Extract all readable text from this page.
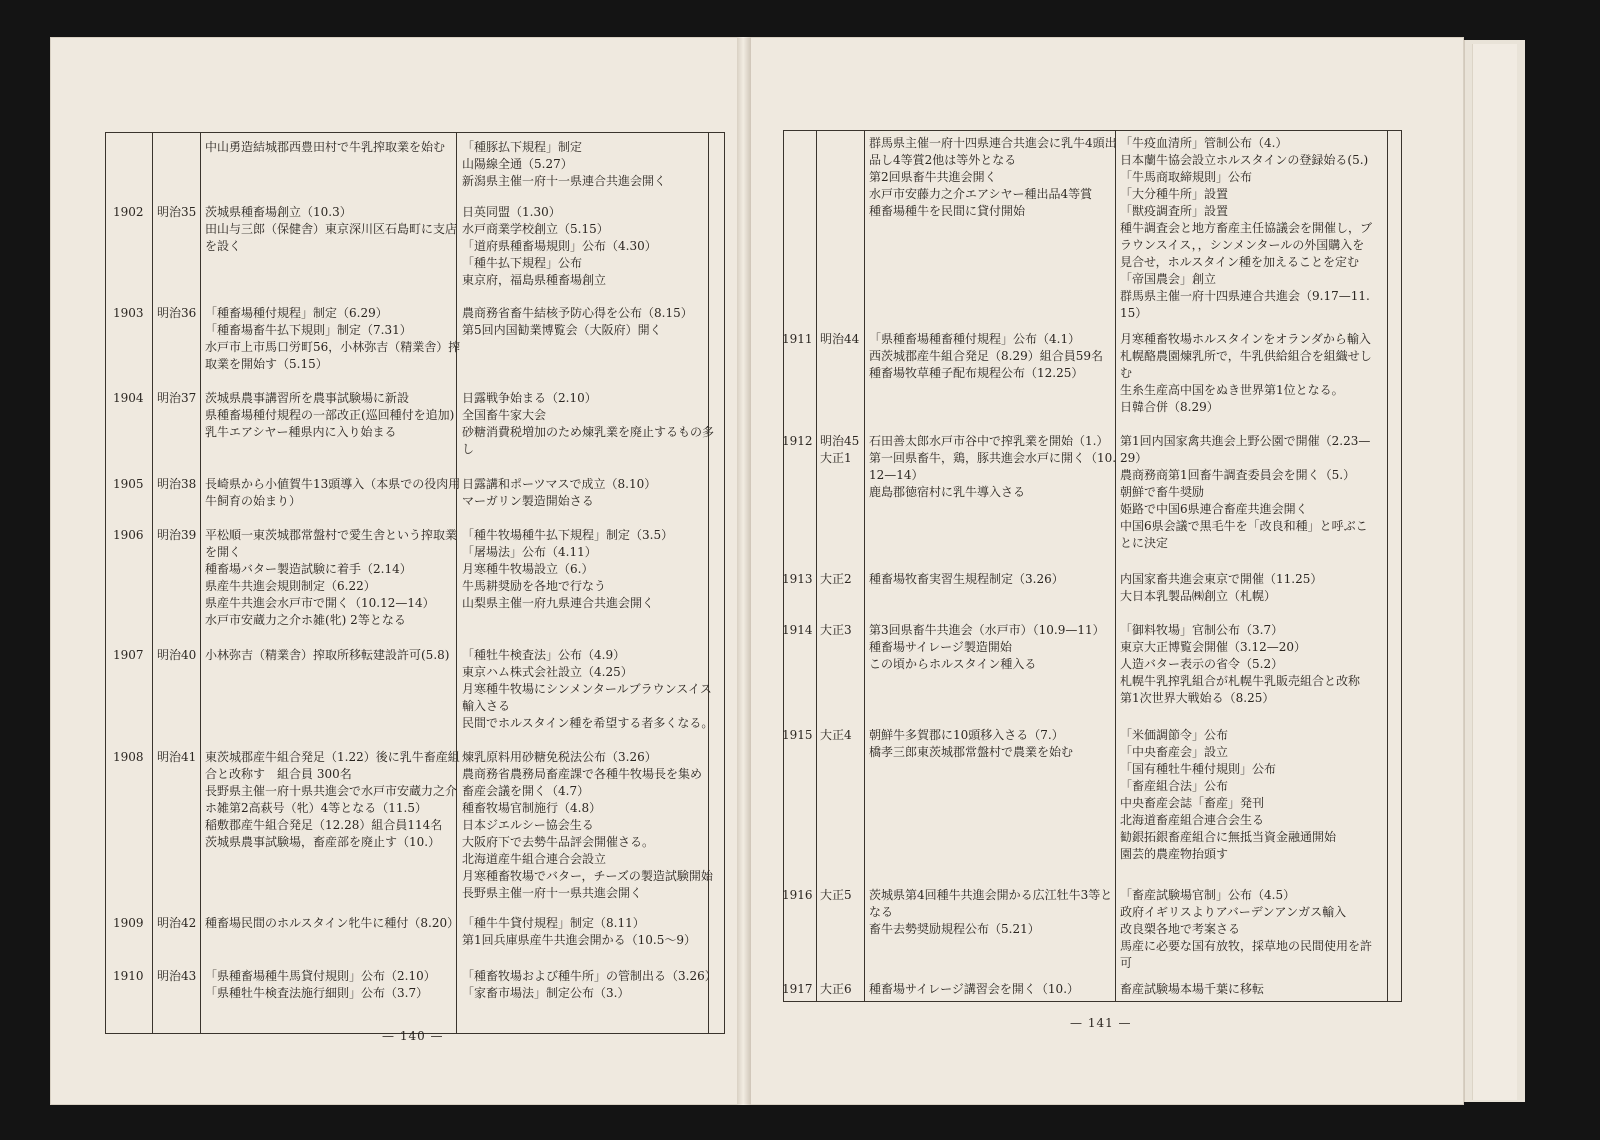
中山勇造結城郡西豊田村で牛乳搾取業を始む 「種豚払下規程」制定
山陽線全通（5.27）
新潟県主催一府十一県連合共進会開く
1902 明治35 茨城県種畜場創立（10.3）
田山与三郎（保健舎）東京深川区石島町に支店
を設く
日英同盟（1.30）
水戸商業学校創立（5.15）
「道府県種畜場規則」公布（4.30）
「種牛払下規程」公布
東京府，福島県種畜場創立
1903 明治36 「種畜場種付規程」制定（6.29）
「種畜場畜牛払下規則」制定（7.31）
水戸市上市馬口労町56，小林弥吉（精業舎）搾
取業を開始す（5.15）
農商務省畜牛結核予防心得を公布（8.15）
第5回内国勧業博覧会（大阪府）開く
1904 明治37 茨城県農事講習所を農事試験場に新設
県種畜場種付規程の一部改正(巡回種付を追加)
乳牛エアシヤー種県内に入り始まる
日露戦争始まる（2.10）
全国畜牛家大会
砂糖消費税増加のため煉乳業を廃止するもの多
し
1905 明治38 長崎県から小値賀牛13頭導入（本県での役肉用
牛飼育の始まり）
日露講和ポーツマスで成立（8.10）
マーガリン製造開始さる
1906 明治39 平松順一東茨城郡常盤村で愛生舎という搾取業
を開く
種畜場バター製造試験に着手（2.14）
県産牛共進会規則制定（6.22）
県産牛共進会水戸市で開く（10.12—14）
水戸市安蔵力之介ホ雑(牝) 2等となる
「種牛牧場種牛払下規程」制定（3.5）
「屠場法」公布（4.11）
月寒種牛牧場設立（6.）
牛馬耕奨励を各地で行なう
山梨県主催一府九県連合共進会開く
1907 明治40 小林弥吉（精業舎）搾取所移転建設許可(5.8) 「種牡牛検査法」公布（4.9）
東京ハム株式会社設立（4.25）
月寒種牛牧場にシンメンタールブラウンスイス
輸入さる
民間でホルスタイン種を希望する者多くなる。
1908 明治41 東茨城郡産牛組合発足（1.22）後に乳牛畜産組
合と改称す　組合員 300名
長野県主催一府十県共進会で水戸市安蔵力之介
ホ雑第2高萩号（牝）4等となる（11.5）
稲敷郡産牛組合発足（12.28）組合員114名
茨城県農事試験場，畜産部を廃止す（10.）
煉乳原料用砂糖免税法公布（3.26）
農商務省農務局畜産課で各種牛牧場長を集め
畜産会議を開く（4.7）
種畜牧場官制施行（4.8）
日本ジエルシー協会生る
大阪府下で去勢牛品評会開催さる。
北海道産牛組合連合会設立
月寒種畜牧場でバター，チーズの製造試験開始
長野県主催一府十一県共進会開く
1909 明治42 種畜場民間のホルスタイン牝牛に種付（8.20） 「種牛牛貸付規程」制定（8.11）
第1回兵庫県産牛共進会開かる（10.5〜9）
1910 明治43 「県種畜場種牛馬貸付規則」公布（2.10）
「県種牡牛検査法施行細則」公布（3.7）
「種畜牧場および種牛所」の管制出る（3.26）
「家畜市場法」制定公布（3.）
— 140 —
群馬県主催一府十四県連合共進会に乳牛4頭出
品し4等賞2他は等外となる
第2回県畜牛共進会開く
水戸市安藤力之介エアシヤー種出品4等賞
種畜場種牛を民間に貸付開始
「牛疫血清所」管制公布（4.）
日本蘭牛協会設立ホルスタインの登録始る(5.)
「牛馬商取締規則」公布
「大分種牛所」設置
「獣疫調査所」設置
種牛調査会と地方畜産主任協議会を開催し，ブ
ラウンスイス，，シンメンタールの外国購入を
見合せ，ホルスタイン種を加えることを定む
「帝国農会」創立
群馬県主催一府十四県連合共進会（9.17—11.
15）
1911 明治44 「県種畜場種畜種付規程」公布（4.1）
西茨城郡産牛組合発足（8.29）組合員59名
種畜場牧草種子配布規程公布（12.25）
月寒種畜牧場ホルスタインをオランダから輸入
札幌酪農園煉乳所で，牛乳供給組合を組織せし
む
生糸生産高中国をぬき世界第1位となる。
日韓合併（8.29）
1912 明治45
大正1
石田善太郎水戸市谷中で搾乳業を開始（1.）
第一回県畜牛，鶏，豚共進会水戸に開く（10.
12—14）
鹿島郡徳宿村に乳牛導入さる
第1回内国家禽共進会上野公園で開催（2.23—
29）
農商務商第1回畜牛調査委員会を開く（5.）
朝鮮で畜牛奨励
姫路で中国6県連合畜産共進会開く
中国6県会議で黒毛牛を「改良和種」と呼ぶこ
とに決定
1913 大正2 種畜場牧畜実習生規程制定（3.26）	内国家畜共進会東京で開催（11.25）
大日本乳製品㈱創立（札幌）
1914 大正3 第3回県畜牛共進会（水戸市）（10.9—11）
種畜場サイレージ製造開始
この頃からホルスタイン種入る
「御料牧場」官制公布（3.7）
東京大正博覧会開催（3.12—20）
人造バター表示の省令（5.2）
札幌牛乳搾乳組合が札幌牛乳販売組合と改称
第1次世界大戦始る（8.25）
1915 大正4 朝鮮牛多賀郡に10頭移入さる（7.）
橋孝三郎東茨城郡常盤村で農業を始む
「米価調節令」公布
「中央畜産会」設立
「国有種牡牛種付規則」公布
「畜産組合法」公布
中央畜産会誌「畜産」発刊
北海道畜産組合連合会生る
勧銀拓銀畜産組合に無抵当資金融通開始
園芸的農産物抬頭す
1916 大正5 茨城県第4回種牛共進会開かる広江牡牛3等と
なる
畜牛去勢奨励規程公布（5.21）
「畜産試験場官制」公布（4.5）
政府イギリスよりアバーデンアンガス輸入
改良槊各地で考案さる
馬産に必要な国有放牧，採草地の民間使用を許
可
1917 大正6 種畜場サイレージ講習会を開く（10.）	畜産試験場本場千葉に移転
— 141 —
